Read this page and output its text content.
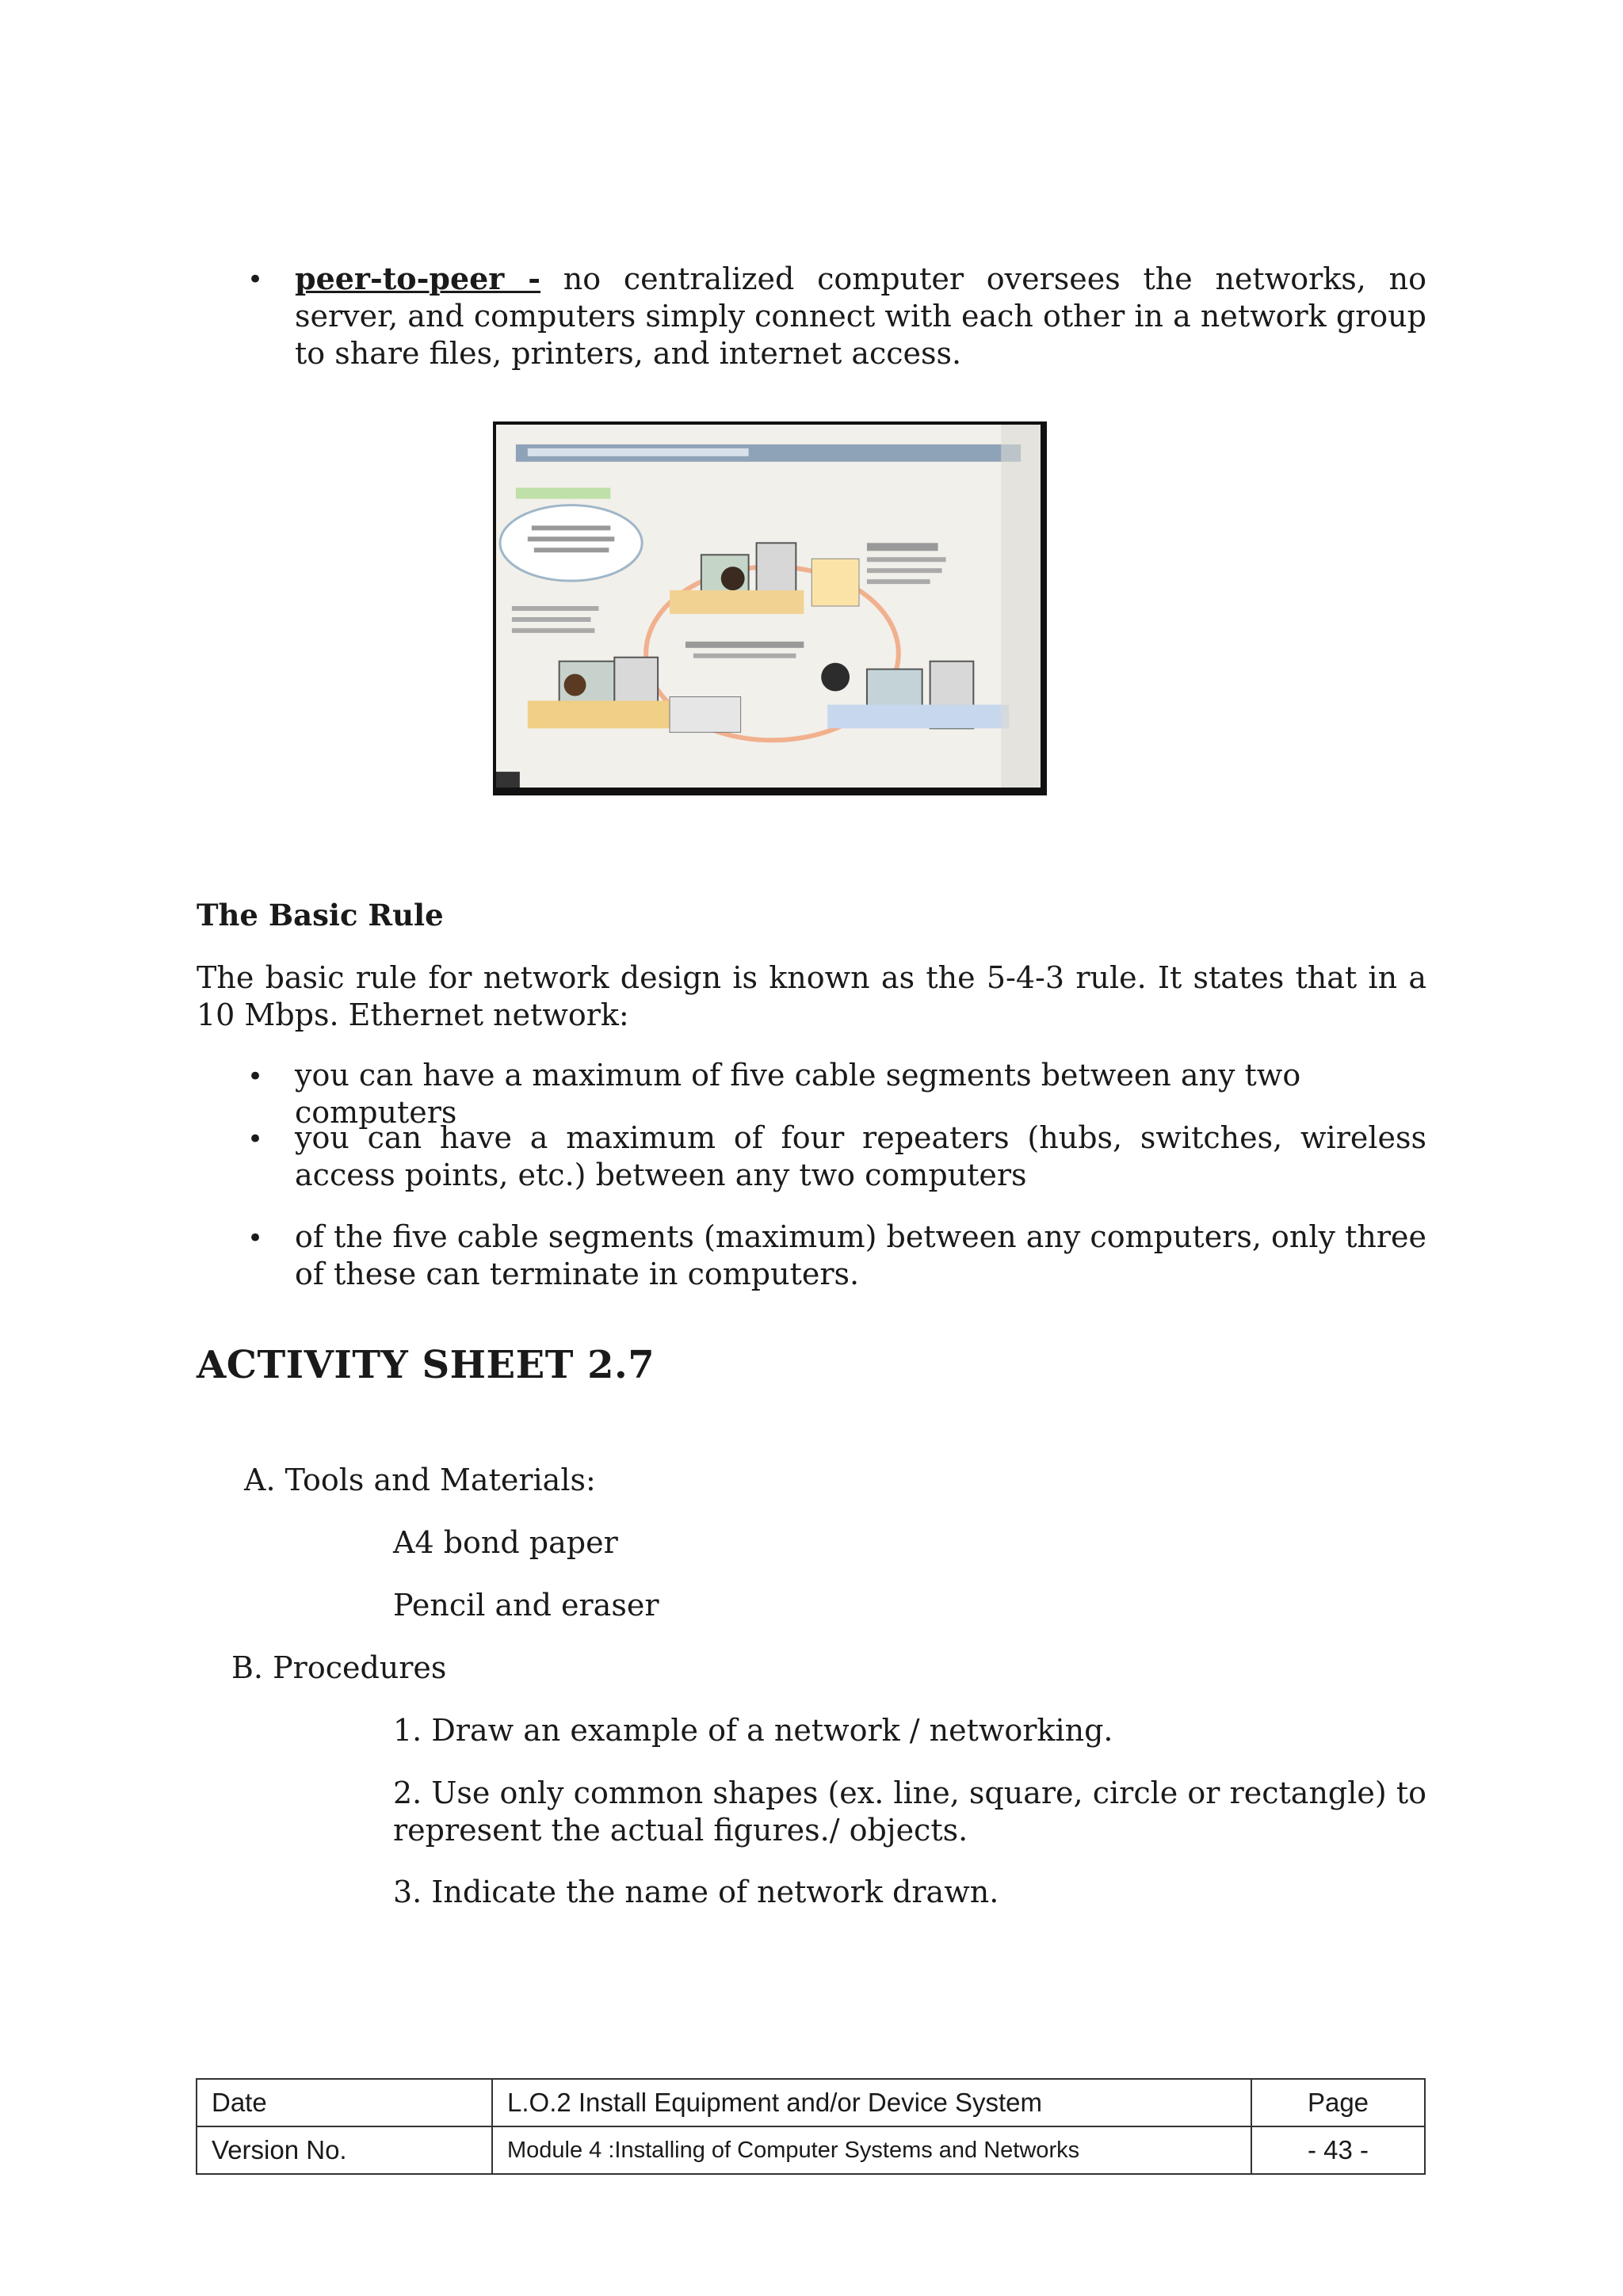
• peer-to-peer - no centralized computer oversees the networks, no server, and computers simply connect with each other in a network group to share files, printers, and internet access.
The Basic Rule
The basic rule for network design is known as the 5-4-3 rule. It states that in a 10 Mbps. Ethernet network:
• you can have a maximum of five cable segments between any two computers
• you can have a maximum of four repeaters (hubs, switches, wireless access points, etc.) between any two computers
• of the five cable segments (maximum) between any computers, only three of these can terminate in computers.
ACTIVITY SHEET 2.7
A. Tools and Materials:
A4 bond paper
Pencil and eraser
B. Procedures
1. Draw an example of a network / networking.
2. Use only common shapes (ex. line, square, circle or rectangle) to represent the actual figures./ objects.
3. Indicate the name of network drawn.
Date	L.O.2 Install Equipment and/or Device System	Page
Version No.	Module 4 :Installing of Computer Systems and Networks	- 43 -
